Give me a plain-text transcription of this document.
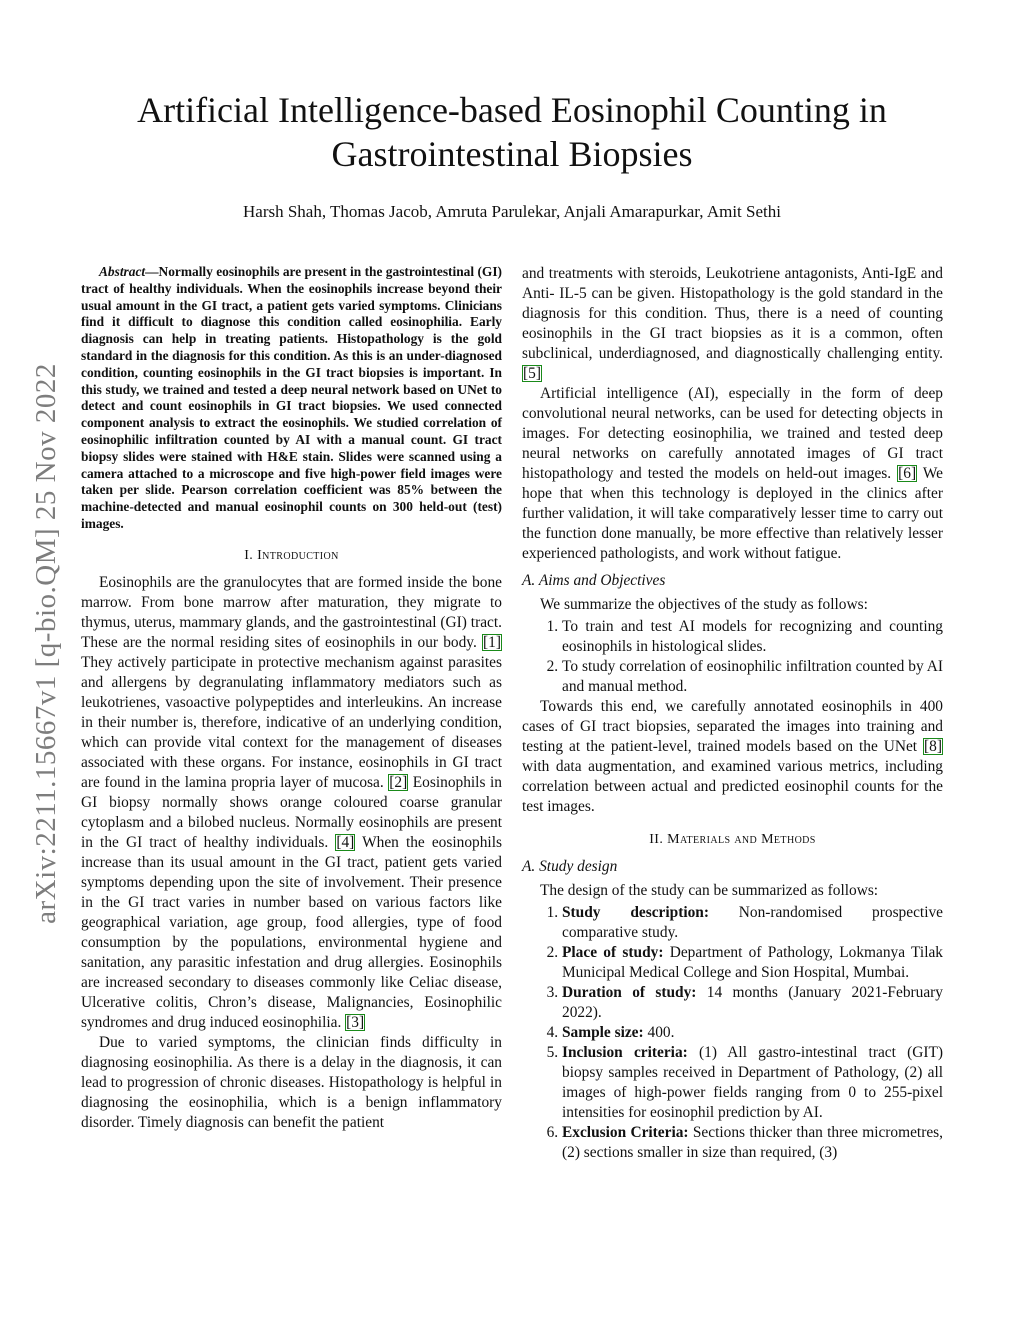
arXiv:2211.15667v1 [q-bio.QM] 25 Nov 2022
Artificial Intelligence-based Eosinophil Counting in Gastrointestinal Biopsies
Harsh Shah, Thomas Jacob, Amruta Parulekar, Anjali Amarapurkar, Amit Sethi

Abstract—Normally eosinophils are present in the gastrointestinal (GI) tract of healthy individuals. When the eosinophils increase beyond their usual amount in the GI tract, a patient gets varied symptoms. Clinicians find it difficult to diagnose this condition called eosinophilia. Early diagnosis can help in treating patients. Histopathology is the gold standard in the diagnosis for this condition. As this is an under-diagnosed condition, counting eosinophils in the GI tract biopsies is important. In this study, we trained and tested a deep neural network based on UNet to detect and count eosinophils in GI tract biopsies. We used connected component analysis to extract the eosinophils. We studied correlation of eosinophilic infiltration counted by AI with a manual count. GI tract biopsy slides were stained with H&E stain. Slides were scanned using a camera attached to a microscope and five high-power field images were taken per slide. Pearson correlation coefficient was 85% between the machine-detected and manual eosinophil counts on 300 held-out (test) images.

I. Introduction

Eosinophils are the granulocytes that are formed inside the bone marrow. From bone marrow after maturation, they migrate to thymus, uterus, mammary glands, and the gastrointestinal (GI) tract. These are the normal residing sites of eosinophils in our body. [1] They actively participate in protective mechanism against parasites and allergens by degranulating inflammatory mediators such as leukotrienes, vasoactive polypeptides and interleukins. An increase in their number is, therefore, indicative of an underlying condition, which can provide vital context for the management of diseases associated with these organs. For instance, eosinophils in GI tract are found in the lamina propria layer of mucosa. [2] Eosinophils in GI biopsy normally shows orange coloured coarse granular cytoplasm and a bilobed nucleus. Normally eosinophils are present in the GI tract of healthy individuals. [4] When the eosinophils increase than its usual amount in the GI tract, patient gets varied symptoms depending upon the site of involvement. Their presence in the GI tract varies in number based on various factors like geographical variation, age group, food allergies, type of food consumption by the populations, environmental hygiene and sanitation, any parasitic infestation and drug allergies. Eosinophils are increased secondary to diseases commonly like Celiac disease, Ulcerative colitis, Chron’s disease, Malignancies, Eosinophilic syndromes and drug induced eosinophilia. [3]

Due to varied symptoms, the clinician finds difficulty in diagnosing eosinophilia. As there is a delay in the diagnosis, it can lead to progression of chronic diseases. Histopathology is helpful in diagnosing the eosinophilia, which is a benign inflammatory disorder. Timely diagnosis can benefit the patient

and treatments with steroids, Leukotriene antagonists, Anti-IgE and Anti- IL-5 can be given. Histopathology is the gold standard in the diagnosis for this condition. Thus, there is a need of counting eosinophils in the GI tract biopsies as it is a common, often subclinical, underdiagnosed, and diagnostically challenging entity. [5]

Artificial intelligence (AI), especially in the form of deep convolutional neural networks, can be used for detecting objects in images. For detecting eosinophilia, we trained and tested deep neural networks on carefully annotated images of GI tract histopathology and tested the models on held-out images. [6] We hope that when this technology is deployed in the clinics after further validation, it will take comparatively lesser time to carry out the function done manually, be more effective than relatively lesser experienced pathologists, and work without fatigue.

A. Aims and Objectives

We summarize the objectives of the study as follows:

1. To train and test AI models for recognizing and counting eosinophils in histological slides.
2. To study correlation of eosinophilic infiltration counted by AI and manual method.

Towards this end, we carefully annotated eosinophils in 400 cases of GI tract biopsies, separated the images into training and testing at the patient-level, trained models based on the UNet [8] with data augmentation, and examined various metrics, including correlation between actual and predicted eosinophil counts for the test images.

II. Materials and Methods
A. Study design

The design of the study can be summarized as follows:

1. Study description: Non-randomised prospective comparative study.
2. Place of study: Department of Pathology, Lokmanya Tilak Municipal Medical College and Sion Hospital, Mumbai.
3. Duration of study: 14 months (January 2021-February 2022).
4. Sample size: 400.
5. Inclusion criteria: (1) All gastro-intestinal tract (GIT) biopsy samples received in Department of Pathology, (2) all images of high-power fields ranging from 0 to 255-pixel intensities for eosinophil prediction by AI.
6. Exclusion Criteria: Sections thicker than three micrometres, (2) sections smaller in size than required, (3)
